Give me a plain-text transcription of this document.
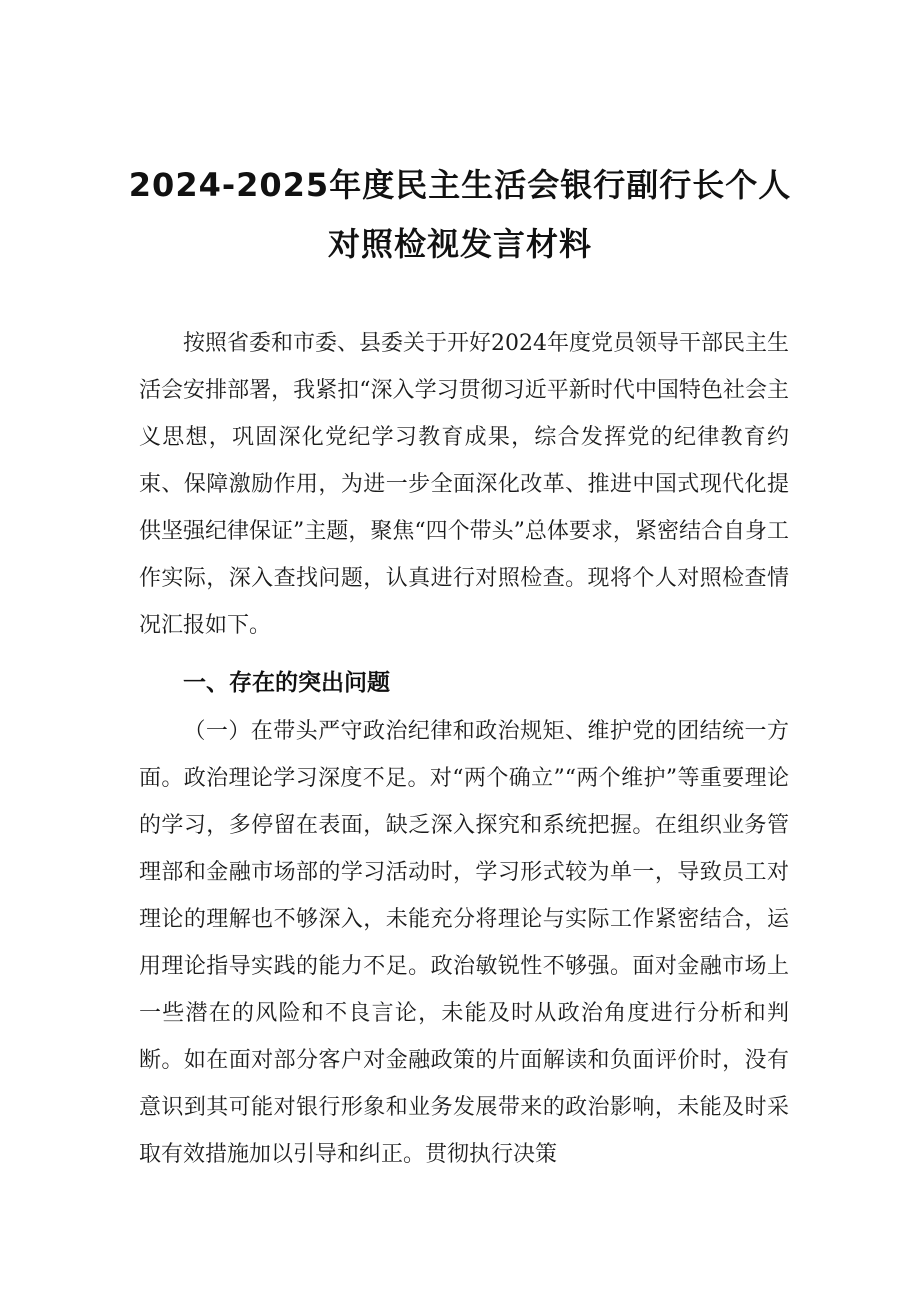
2024-2025年度民主生活会银行副行长个人
对照检视发言材料

按照省委和市委、县委关于开好2024年度党员领导干部民主生活会安排部署，我紧扣“深入学习贯彻习近平新时代中国特色社会主义思想，巩固深化党纪学习教育成果，综合发挥党的纪律教育约束、保障激励作用，为进一步全面深化改革、推进中国式现代化提供坚强纪律保证”主题，聚焦“四个带头”总体要求，紧密结合自身工作实际，深入查找问题，认真进行对照检查。现将个人对照检查情况汇报如下。

一、存在的突出问题

（一）在带头严守政治纪律和政治规矩、维护党的团结统一方面。政治理论学习深度不足。对“两个确立”“两个维护”等重要理论的学习，多停留在表面，缺乏深入探究和系统把握。在组织业务管理部和金融市场部的学习活动时，学习形式较为单一，导致员工对理论的理解也不够深入，未能充分将理论与实际工作紧密结合，运用理论指导实践的能力不足。政治敏锐性不够强。面对金融市场上一些潜在的风险和不良言论，未能及时从政治角度进行分析和判断。如在面对部分客户对金融政策的片面解读和负面评价时，没有意识到其可能对银行形象和业务发展带来的政治影响，未能及时采取有效措施加以引导和纠正。贯彻执行决策
